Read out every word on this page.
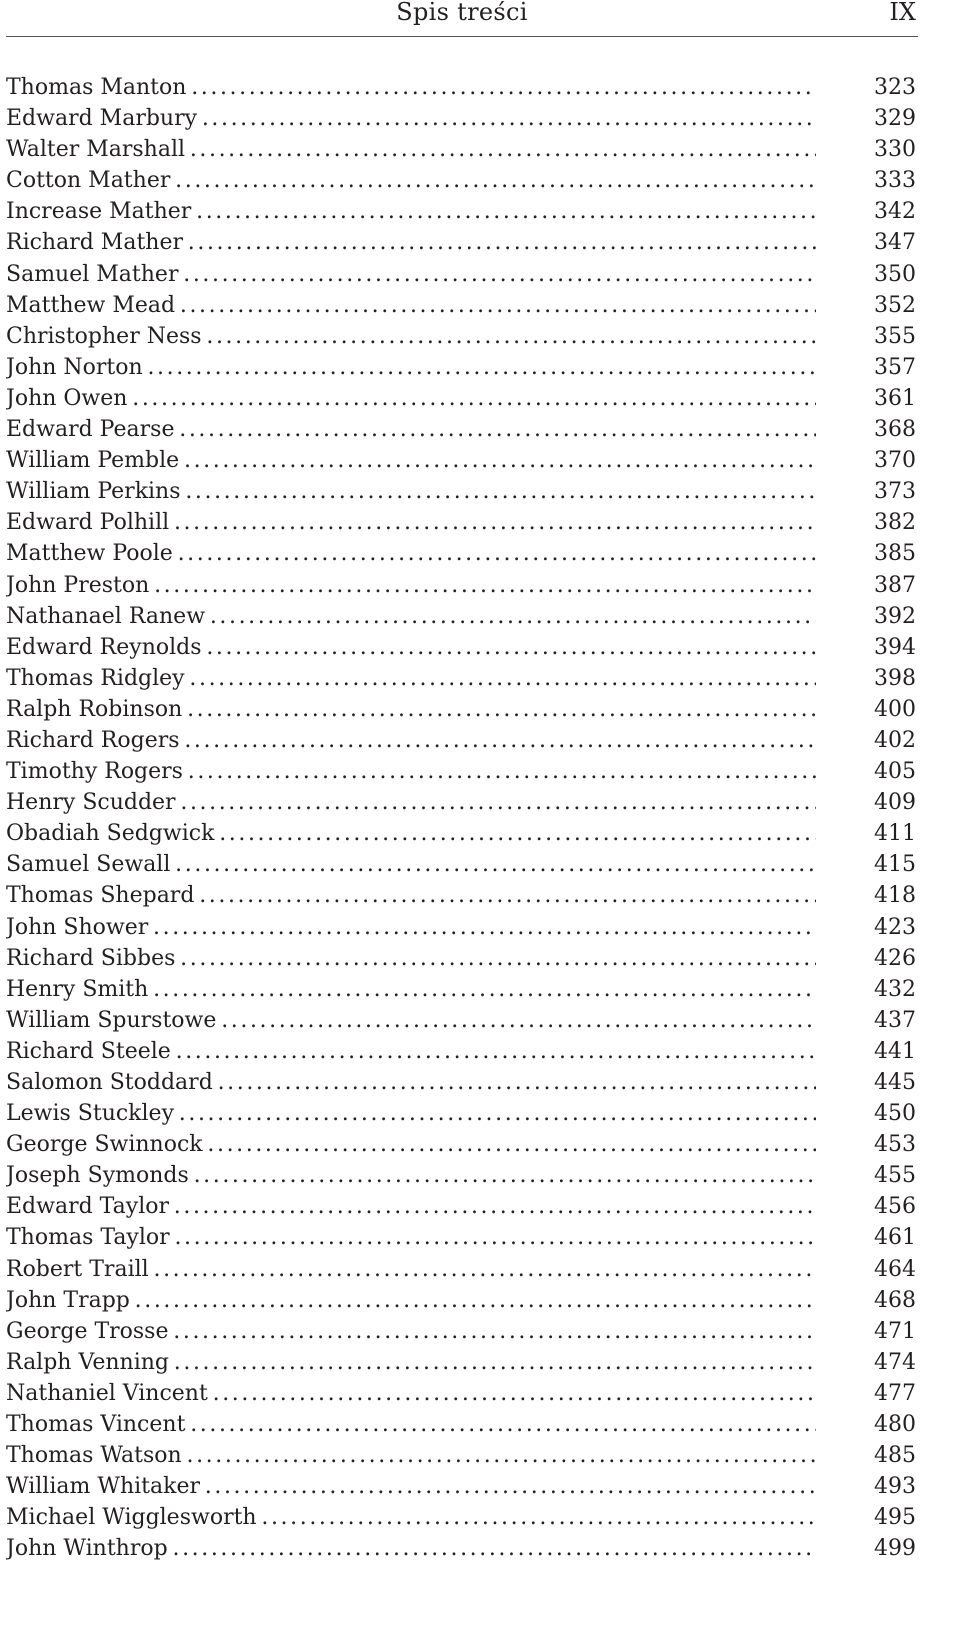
Spis treści	IX
Thomas Manton . . .	323
Edward Marbury . . .	329
Walter Marshall . . .	330
Cotton Mather . . .	333
Increase Mather . . .	342
Richard Mather . . .	347
Samuel Mather . . .	350
Matthew Mead . . .	352
Christopher Ness . . .	355
John Norton . . .	357
John Owen . . .	361
Edward Pearse . . .	368
William Pemble . . .	370
William Perkins . . .	373
Edward Polhill . . .	382
Matthew Poole . . .	385
John Preston . . .	387
Nathanael Ranew . . .	392
Edward Reynolds . . .	394
Thomas Ridgley . . .	398
Ralph Robinson . . .	400
Richard Rogers . . .	402
Timothy Rogers . . .	405
Henry Scudder . . .	409
Obadiah Sedgwick . . .	411
Samuel Sewall . . .	415
Thomas Shepard . . .	418
John Shower . . .	423
Richard Sibbes . . .	426
Henry Smith . . .	432
William Spurstowe . . .	437
Richard Steele . . .	441
Salomon Stoddard . . .	445
Lewis Stuckley . . .	450
George Swinnock . . .	453
Joseph Symonds . . .	455
Edward Taylor . . .	456
Thomas Taylor . . .	461
Robert Traill . . .	464
John Trapp . . .	468
George Trosse . . .	471
Ralph Venning . . .	474
Nathaniel Vincent . . .	477
Thomas Vincent . . .	480
Thomas Watson . . .	485
William Whitaker . . .	493
Michael Wigglesworth . . .	495
John Winthrop . . .	499
